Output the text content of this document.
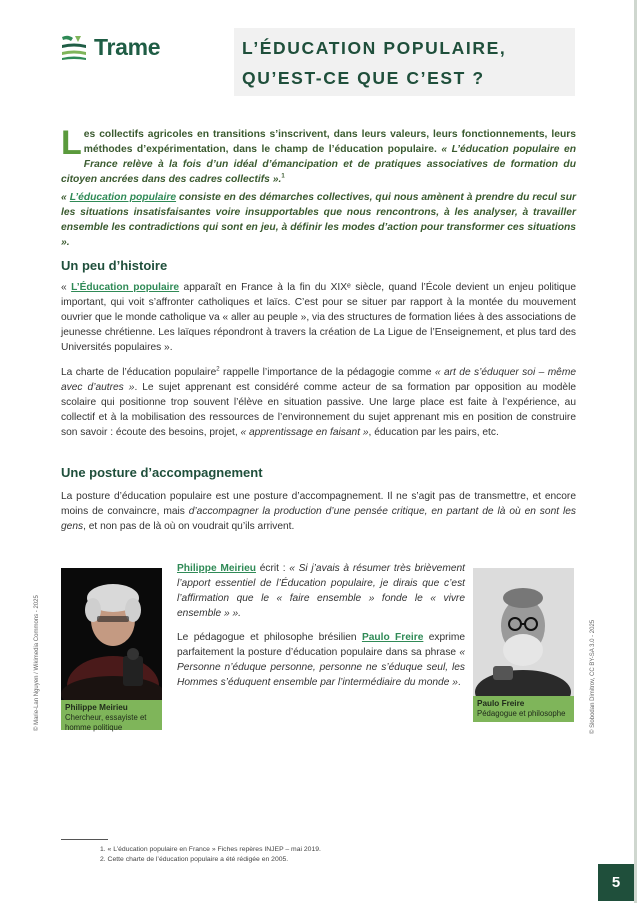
Trame	L’ÉDUCATION POPULAIRE,
QU’EST-CE QUE C’EST ?

Les collectifs agricoles en transitions s’inscrivent, dans leurs valeurs, leurs fonctionnements, leurs méthodes d’expérimentation, dans le champ de l’éducation populaire. « L’éducation populaire en France relève à la fois d’un idéal d’émancipation et de pratiques associatives de formation du citoyen ancrées dans des cadres collectifs ».$^1$

« L’éducation populaire consiste en des démarches collectives, qui nous amènent à prendre du recul sur les situations insatisfaisantes voire insupportables que nous rencontrons, à les analyser, à travailler ensemble les contradictions qui sont en jeu, à définir les modes d’action pour transformer ces situations ».

Un peu d’histoire

« L’Éducation populaire apparaît en France à la fin du XIXᵉ siècle, quand l’École devient un enjeu politique important, qui voit s’affronter catholiques et laïcs. C’est pour se situer par rapport à la montée du mouvement ouvrier que le monde catholique va « aller au peuple », via des structures de formation liées à des associations de jeunesse chrétienne. Les laïques répondront à travers la création de La Ligue de l’Enseignement, et plus tard des Universités populaires ».

La charte de l’éducation populaire$^2$ rappelle l’importance de la pédagogie comme « art de s’éduquer soi – même avec d’autres ». Le sujet apprenant est considéré comme acteur de sa formation par opposition au modèle scolaire qui positionne trop souvent l’élève en situation passive. Une large place est faite à l’expérience, au collectif et à la mobilisation des ressources de l’environnement du sujet apprenant mis en position de construire son savoir : écoute des besoins, projet, « apprentissage en faisant », éducation par les pairs, etc.

Une posture d’accompagnement

La posture d’éducation populaire est une posture d’accompagnement. Il ne s’agit pas de transmettre, et encore moins de convaincre, mais d’accompagner la production d’une pensée critique, en partant de là où en sont les gens, et non pas de là où on voudrait qu’ils arrivent.

© Marie-Lan Nguyen / Wikimedia Commons - 2025	Philippe Meirieu
Chercheur, essayiste et homme politique

Philippe Meirieu écrit : « Si j’avais à résumer très brièvement l’apport essentiel de l’Éducation populaire, je dirais que c’est l’affirmation que le « faire ensemble » fonde le « vivre ensemble » ».

Le pédagogue et philosophe brésilien Paulo Freire exprime parfaitement la posture d’éducation populaire dans sa phrase « Personne n’éduque personne, personne ne s’éduque seul, les Hommes s’éduquent ensemble par l’intermédiaire du monde ».

Paulo Freire
Pédagogue et philosophe	© Slobodan Dimitrov, CC BY-SA 3.0 - 2025
1. « L’éducation populaire en France » Fiches repères INJEP – mai 2019.
2. Cette charte de l’éducation populaire a été rédigée en 2005.
5
